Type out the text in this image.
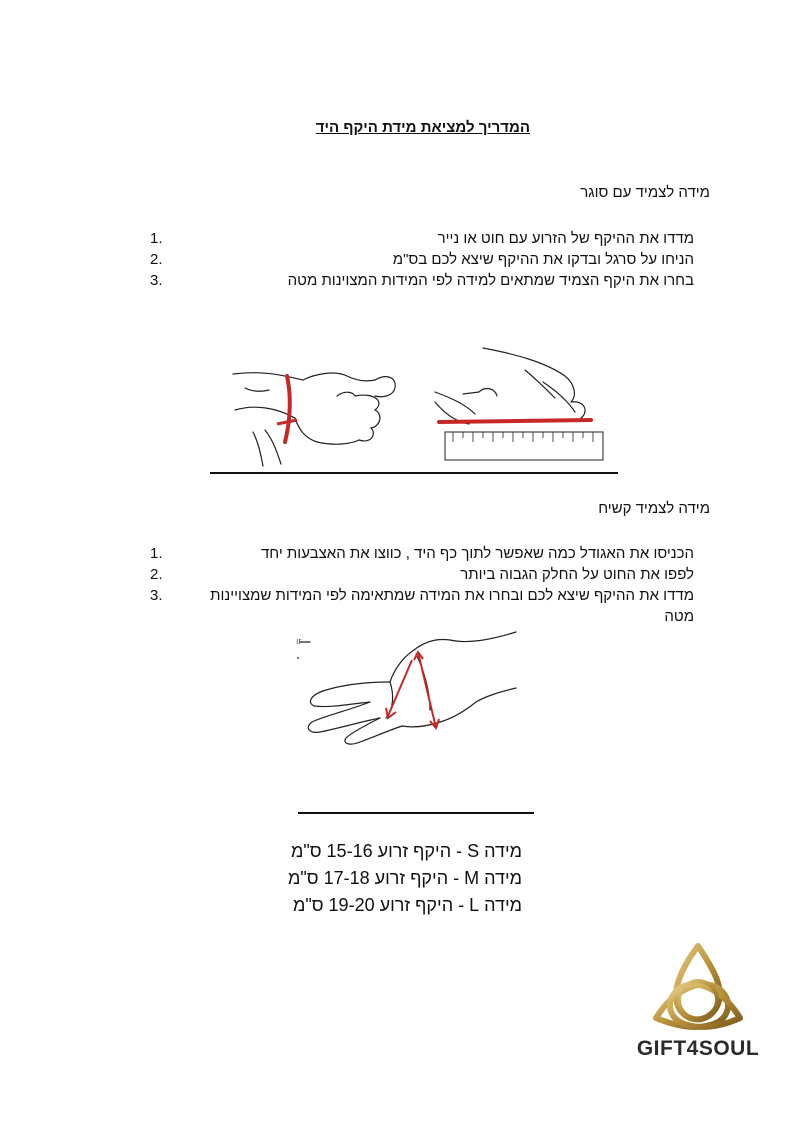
המדריך למציאת מידת היקף היד
מידה לצמיד עם סוגר
1.	מדדו את ההיקף של הזרוע עם חוט או נייר
2.	הניחו על סרגל ובדקו את ההיקף שיצא לכם בס"מ
3.	בחרו את היקף הצמיד שמתאים למידה לפי המידות המצוינות מטה
מידה לצמיד קשיח
1.	הכניסו את האגודל כמה שאפשר לתוך כף היד , כווצו את האצבעות יחד
2.	לפפו את החוט על החלק הגבוה ביותר
3.	מדדו את ההיקף שיצא לכם ובחרו את המידה שמתאימה לפי המידות שמצויינות מטה
ır
מידה S - היקף זרוע 15-16 ס"מ
מידה M - היקף זרוע 17-18 ס"מ
מידה L - היקף זרוע 19-20 ס"מ
GIFT4SOUL
